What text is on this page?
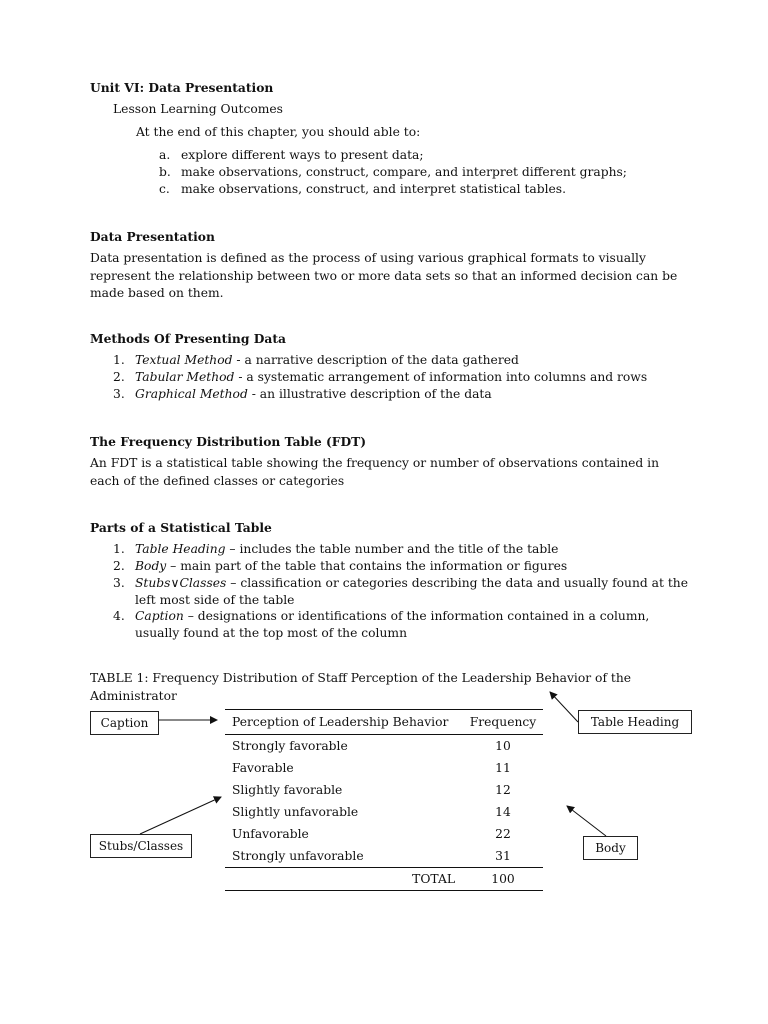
Unit VI: Data Presentation
Lesson Learning Outcomes
At the end of this chapter, you should able to:
a. explore different ways to present data;
b. make observations, construct, compare, and interpret different graphs;
c. make observations, construct, and interpret statistical tables.
Data Presentation
Data presentation is defined as the process of using various graphical formats to visually represent the relationship between two or more data sets so that an informed decision can be made based on them.
Methods Of Presenting Data
1. Textual Method - a narrative description of the data gathered
2. Tabular Method - a systematic arrangement of information into columns and rows
3. Graphical Method - an illustrative description of the data
The Frequency Distribution Table (FDT)
An FDT is a statistical table showing the frequency or number of observations contained in each of the defined classes or categories
Parts of a Statistical Table
1. Table Heading – includes the table number and the title of the table
2. Body – main part of the table that contains the information or figures
3. Stubs∨Classes – classification or categories describing the data and usually found at the left most side of the table
4. Caption – designations or identifications of the information contained in a column, usually found at the top most of the column
TABLE 1: Frequency Distribution of Staff Perception of the Leadership Behavior of the Administrator
Perception of Leadership Behavior	Frequency
Strongly favorable	10
Favorable	11
Slightly favorable	12
Slightly unfavorable	14
Unfavorable	22
Strongly unfavorable	31
TOTAL	100
Caption	Table Heading
Stubs/Classes	Body
